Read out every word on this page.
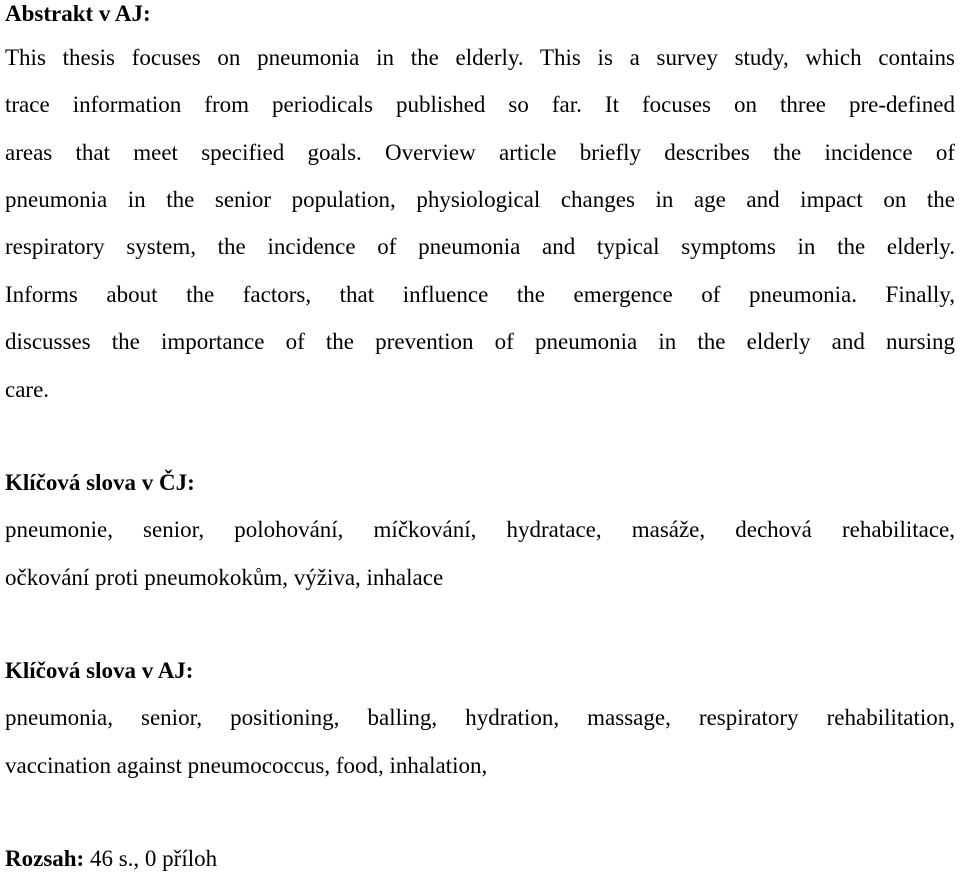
Abstrakt v AJ:
This thesis focuses on pneumonia in the elderly. This is a survey study, which contains
trace information from periodicals published so far. It focuses on three pre-defined
areas that meet specified goals. Overview article briefly describes the incidence of
pneumonia in the senior population, physiological changes in age and impact on the
respiratory system, the incidence of pneumonia and typical symptoms in the elderly.
Informs about the factors, that influence the emergence of pneumonia. Finally,
discusses the importance of the prevention of pneumonia in the elderly and nursing
care.
Klíčová slova v ČJ:
pneumonie, senior, polohování, míčkování, hydratace, masáže, dechová rehabilitace,
očkování proti pneumokokům, výživa, inhalace
Klíčová slova v AJ:
pneumonia, senior, positioning, balling, hydration, massage, respiratory rehabilitation,
vaccination against pneumococcus, food, inhalation,
Rozsah: 46 s., 0 příloh
